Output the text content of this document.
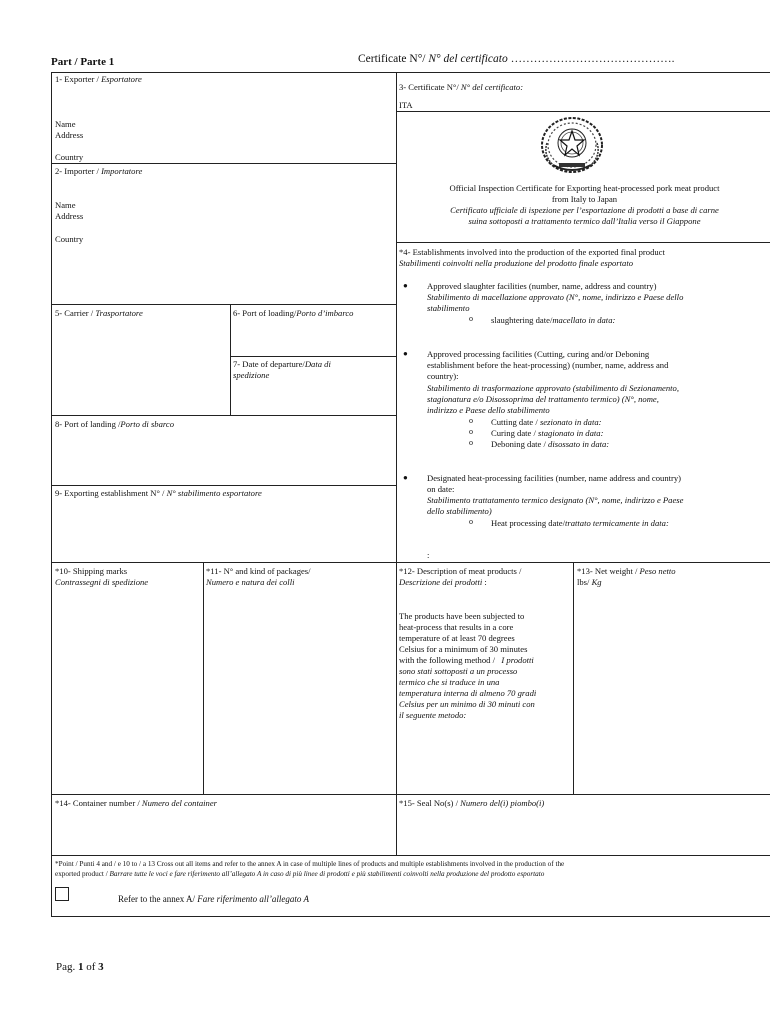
Part / Parte 1	Certificate N°/ N° del certificato …………………………………….
1- Exporter / Esportatore
Name
Address
Country
2- Importer / Importatore
Name
Address
Country
3- Certificate N°/ N° del certificato:
ITA
Official Inspection Certificate for Exporting heat-processed pork meat product
from Italy to Japan
Certificato ufficiale di ispezione per l’esportazione di prodotti a base di carne
suina sottoposti a trattamento termico dall’Italia verso il Giappone
*4- Establishments involved into the production of the exported final product
Stabilimenti coinvolti nella produzione del prodotto finale esportato
● Approved slaughter facilities (number, name, address and country)
Stabilimento di macellazione approvato (N°, nome, indirizzo e Paese dello
stabilimento
o slaughtering date/macellato in data:
● Approved processing facilities (Cutting, curing and/or Deboning
establishment before the heat-processing) (number, name, address and
country):
Stabilimento di trasformazione approvato (stabilimento di Sezionamento,
stagionatura e/o Disossoprima del trattamento termico) (N°, nome,
indirizzo e Paese dello stabilimento
o Cutting date / sezionato in data:
o Curing date / stagionato in data:
o Deboning date / disossato in data:
● Designated heat-processing facilities (number, name address and country)
on date:
Stabilimento trattatamento termico designato (N°, nome, indirizzo e Paese
dello stabilimento)
o Heat processing date/trattato termicamente in data:
:
5- Carrier / Trasportatore	6- Port of loading/Porto d’imbarco
7- Date of departure/Data di
spedizione
8- Port of landing /Porto di sbarco
9- Exporting establishment N° / N° stabilimento esportatore
*10- Shipping marks
Contrassegni di spedizione
*11- N° and kind of packages/
Numero e natura dei colli
*12- Description of meat products /
Descrizione dei prodotti :
The products have been subjected to
heat-process that results in a core
temperature of at least 70 degrees
Celsius for a minimum of 30 minutes
with the following method / I prodotti
sono stati sottoposti a un processo
termico che si traduce in una
temperatura interna di almeno 70 gradi
Celsius per un minimo di 30 minuti con
il seguente metodo:
*13- Net weight / Peso netto
lbs/ Kg
*14- Container number / Numero del container	*15- Seal No(s) / Numero del(i) piombo(i)
*Point / Punti 4 and / e 10 to / a 13 Cross out all items and refer to the annex A in case of multiple lines of products and multiple establishments involved in the production of the
exported product / Barrare tutte le voci e fare riferimento all’allegato A in caso di più linee di prodotti e più stabilimenti coinvolti nella produzione del prodotto esportato
Refer to the annex A/ Fare riferimento all’allegato A
Pag. 1 of 3
